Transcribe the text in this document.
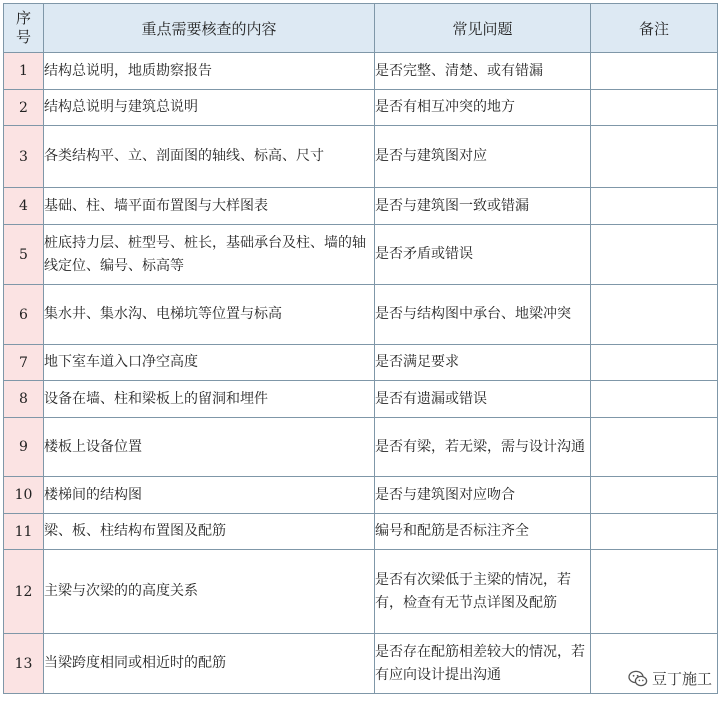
序
号	重点需要核查的内容	常见问题	备注
1	结构总说明，地质勘察报告	是否完整、清楚、或有错漏	
2	结构总说明与建筑总说明	是否有相互冲突的地方	
3	各类结构平、立、剖面图的轴线、标高、尺寸	是否与建筑图对应	
4	基础、柱、墙平面布置图与大样图表	是否与建筑图一致或错漏	
5	桩底持力层、桩型号、桩长，基础承台及柱、墙的轴线定位、编号、标高等	是否矛盾或错误	
6	集水井、集水沟、电梯坑等位置与标高	是否与结构图中承台、地梁冲突	
7	地下室车道入口净空高度	是否满足要求	
8	设备在墙、柱和梁板上的留洞和埋件	是否有遗漏或错误	
9	楼板上设备位置	是否有梁，若无梁，需与设计沟通	
10	楼梯间的结构图	是否与建筑图对应吻合	
11	梁、板、柱结构布置图及配筋	编号和配筋是否标注齐全	
12	主梁与次梁的的高度关系	是否有次梁低于主梁的情况，若有，检查有无节点详图及配筋	
13	当梁跨度相同或相近时的配筋	是否存在配筋相差较大的情况，若有应向设计提出沟通		豆丁施工
